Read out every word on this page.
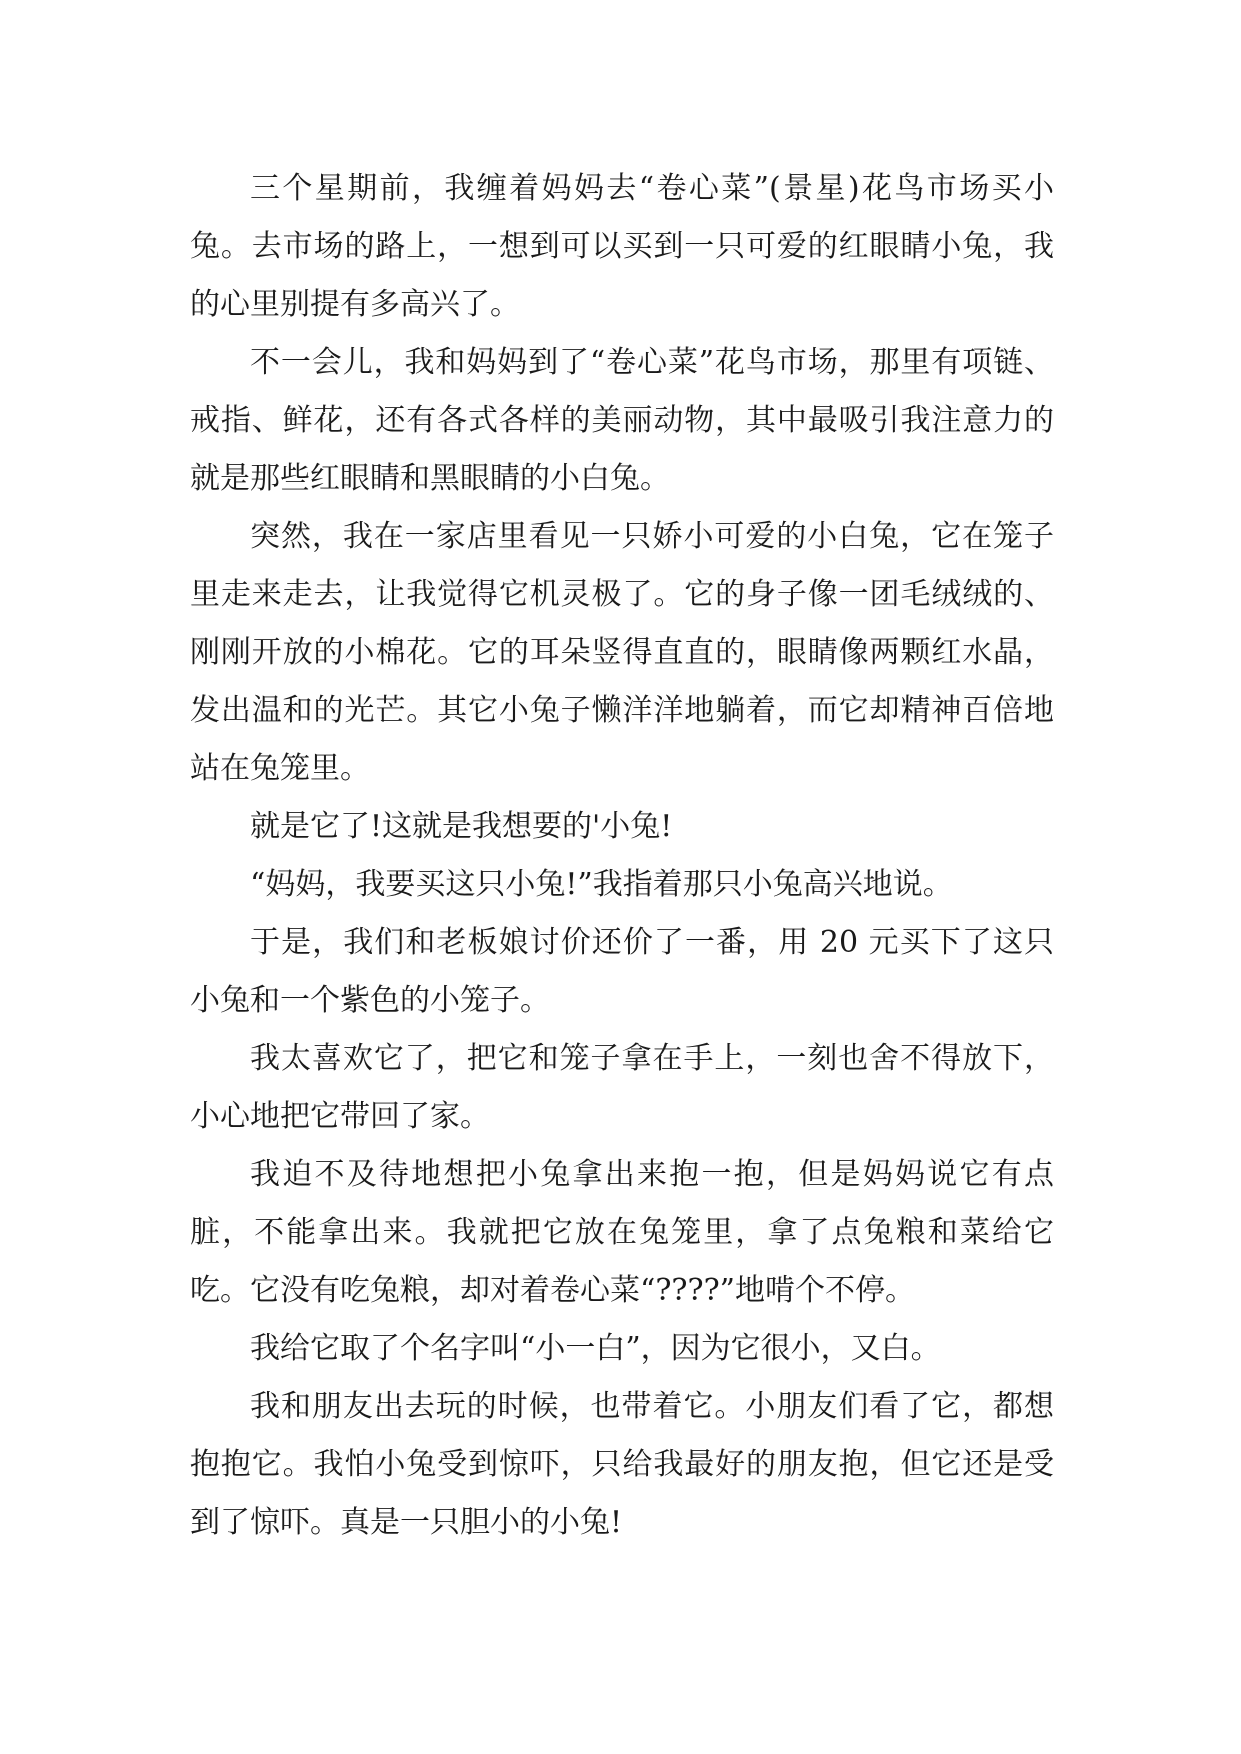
三个星期前，我缠着妈妈去“卷心菜”(景星)花鸟市场买小兔。去市场的路上，一想到可以买到一只可爱的红眼睛小兔，我的心里别提有多高兴了。

不一会儿，我和妈妈到了“卷心菜”花鸟市场，那里有项链、戒指、鲜花，还有各式各样的美丽动物，其中最吸引我注意力的就是那些红眼睛和黑眼睛的小白兔。

突然，我在一家店里看见一只娇小可爱的小白兔，它在笼子里走来走去，让我觉得它机灵极了。它的身子像一团毛绒绒的、刚刚开放的小棉花。它的耳朵竖得直直的，眼睛像两颗红水晶，发出温和的光芒。其它小兔子懒洋洋地躺着，而它却精神百倍地站在兔笼里。

就是它了!这就是我想要的'小兔!

“妈妈，我要买这只小兔!”我指着那只小兔高兴地说。

于是，我们和老板娘讨价还价了一番，用 20 元买下了这只小兔和一个紫色的小笼子。

我太喜欢它了，把它和笼子拿在手上，一刻也舍不得放下，小心地把它带回了家。

我迫不及待地想把小兔拿出来抱一抱，但是妈妈说它有点脏，不能拿出来。我就把它放在兔笼里，拿了点兔粮和菜给它吃。它没有吃兔粮，却对着卷心菜“????”地啃个不停。

我给它取了个名字叫“小一白”，因为它很小，又白。

我和朋友出去玩的时候，也带着它。小朋友们看了它，都想抱抱它。我怕小兔受到惊吓，只给我最好的朋友抱，但它还是受到了惊吓。真是一只胆小的小兔!
